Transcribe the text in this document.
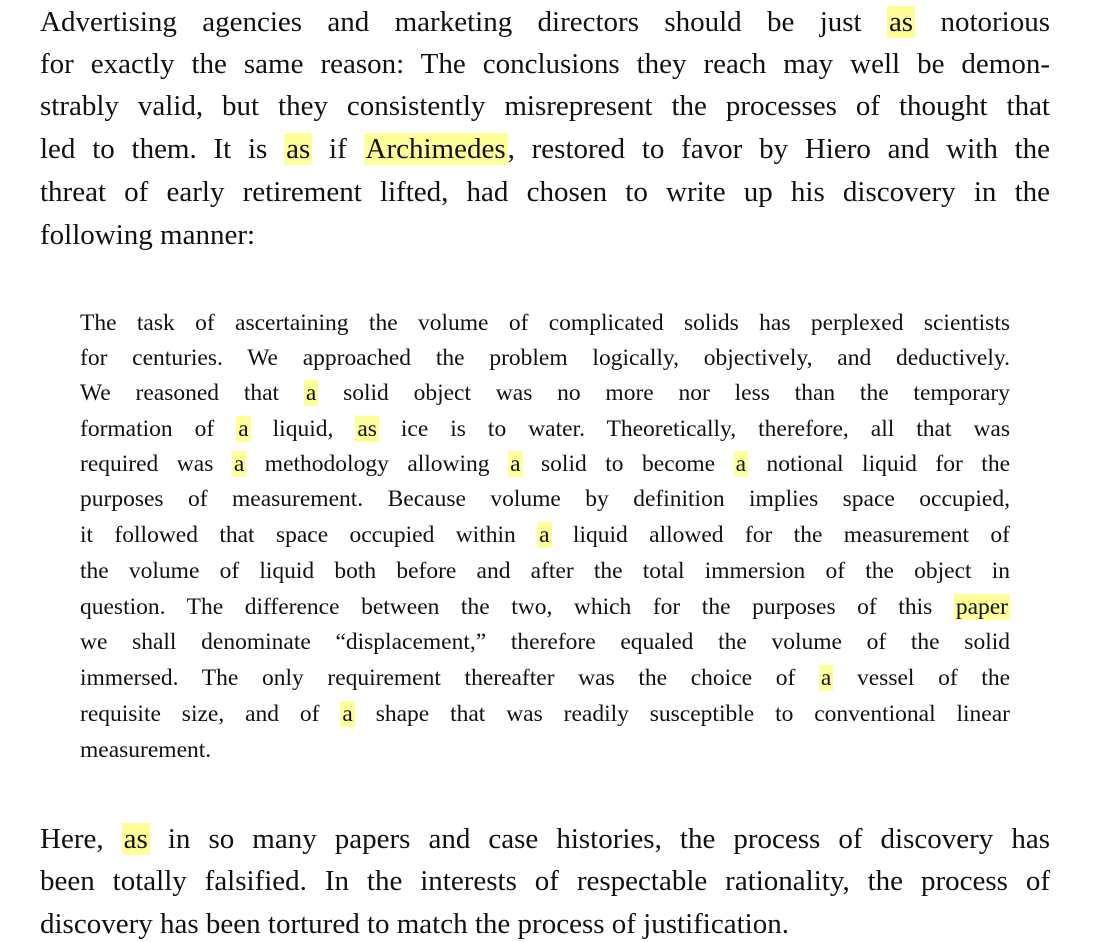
Advertising agencies and marketing directors should be just as notorious
for exactly the same reason: The conclusions they reach may well be demon-
strably valid, but they consistently misrepresent the processes of thought that
led to them. It is as if Archimedes, restored to favor by Hiero and with the
threat of early retirement lifted, had chosen to write up his discovery in the
following manner:
The task of ascertaining the volume of complicated solids has perplexed scientists
for centuries. We approached the problem logically, objectively, and deductively.
We reasoned that a solid object was no more nor less than the temporary
formation of a liquid, as ice is to water. Theoretically, therefore, all that was
required was a methodology allowing a solid to become a notional liquid for the
purposes of measurement. Because volume by definition implies space occupied,
it followed that space occupied within a liquid allowed for the measurement of
the volume of liquid both before and after the total immersion of the object in
question. The difference between the two, which for the purposes of this paper
we shall denominate “displacement,” therefore equaled the volume of the solid
immersed. The only requirement thereafter was the choice of a vessel of the
requisite size, and of a shape that was readily susceptible to conventional linear
measurement.
Here, as in so many papers and case histories, the process of discovery has
been totally falsified. In the interests of respectable rationality, the process of
discovery has been tortured to match the process of justification.
